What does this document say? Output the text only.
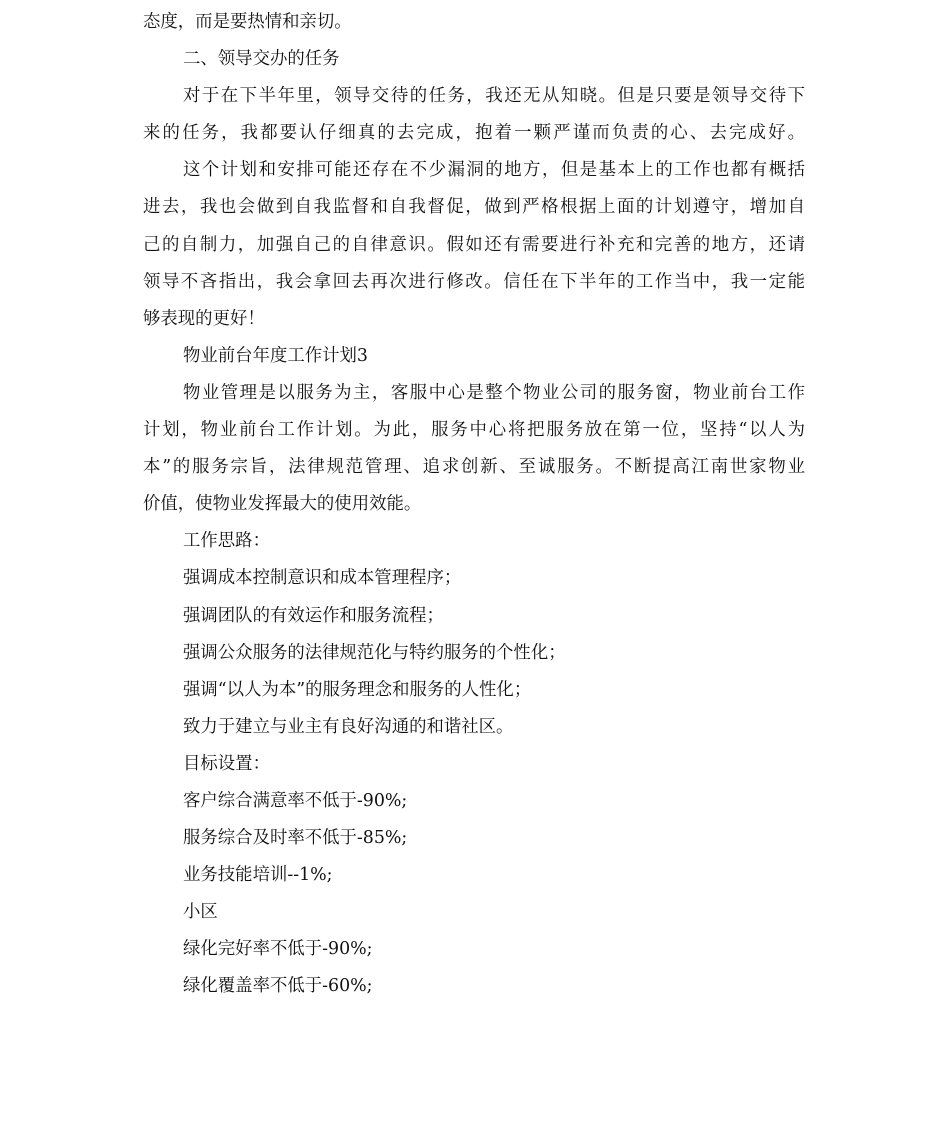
态度，而是要热情和亲切。
二、领导交办的任务
对于在下半年里，领导交待的任务，我还无从知晓。但是只要是领导交待下
来的任务，我都要认仔细真的去完成，抱着一颗严谨而负责的心、去完成好。
这个计划和安排可能还存在不少漏洞的地方，但是基本上的工作也都有概括
进去，我也会做到自我监督和自我督促，做到严格根据上面的计划遵守，增加自
己的自制力，加强自己的自律意识。假如还有需要进行补充和完善的地方，还请
领导不吝指出，我会拿回去再次进行修改。信任在下半年的工作当中，我一定能
够表现的更好！
物业前台年度工作计划3
物业管理是以服务为主，客服中心是整个物业公司的服务窗，物业前台工作
计划，物业前台工作计划。为此，服务中心将把服务放在第一位，坚持“以人为
本”的服务宗旨，法律规范管理、追求创新、至诚服务。不断提高江南世家物业
价值，使物业发挥最大的使用效能。
工作思路：
强调成本控制意识和成本管理程序；
强调团队的有效运作和服务流程；
强调公众服务的法律规范化与特约服务的个性化；
强调“以人为本”的服务理念和服务的人性化；
致力于建立与业主有良好沟通的和谐社区。
目标设置：
客户综合满意率不低于-90%;
服务综合及时率不低于-85%;
业务技能培训--1%;
小区
绿化完好率不低于-90%;
绿化覆盖率不低于-60%;
